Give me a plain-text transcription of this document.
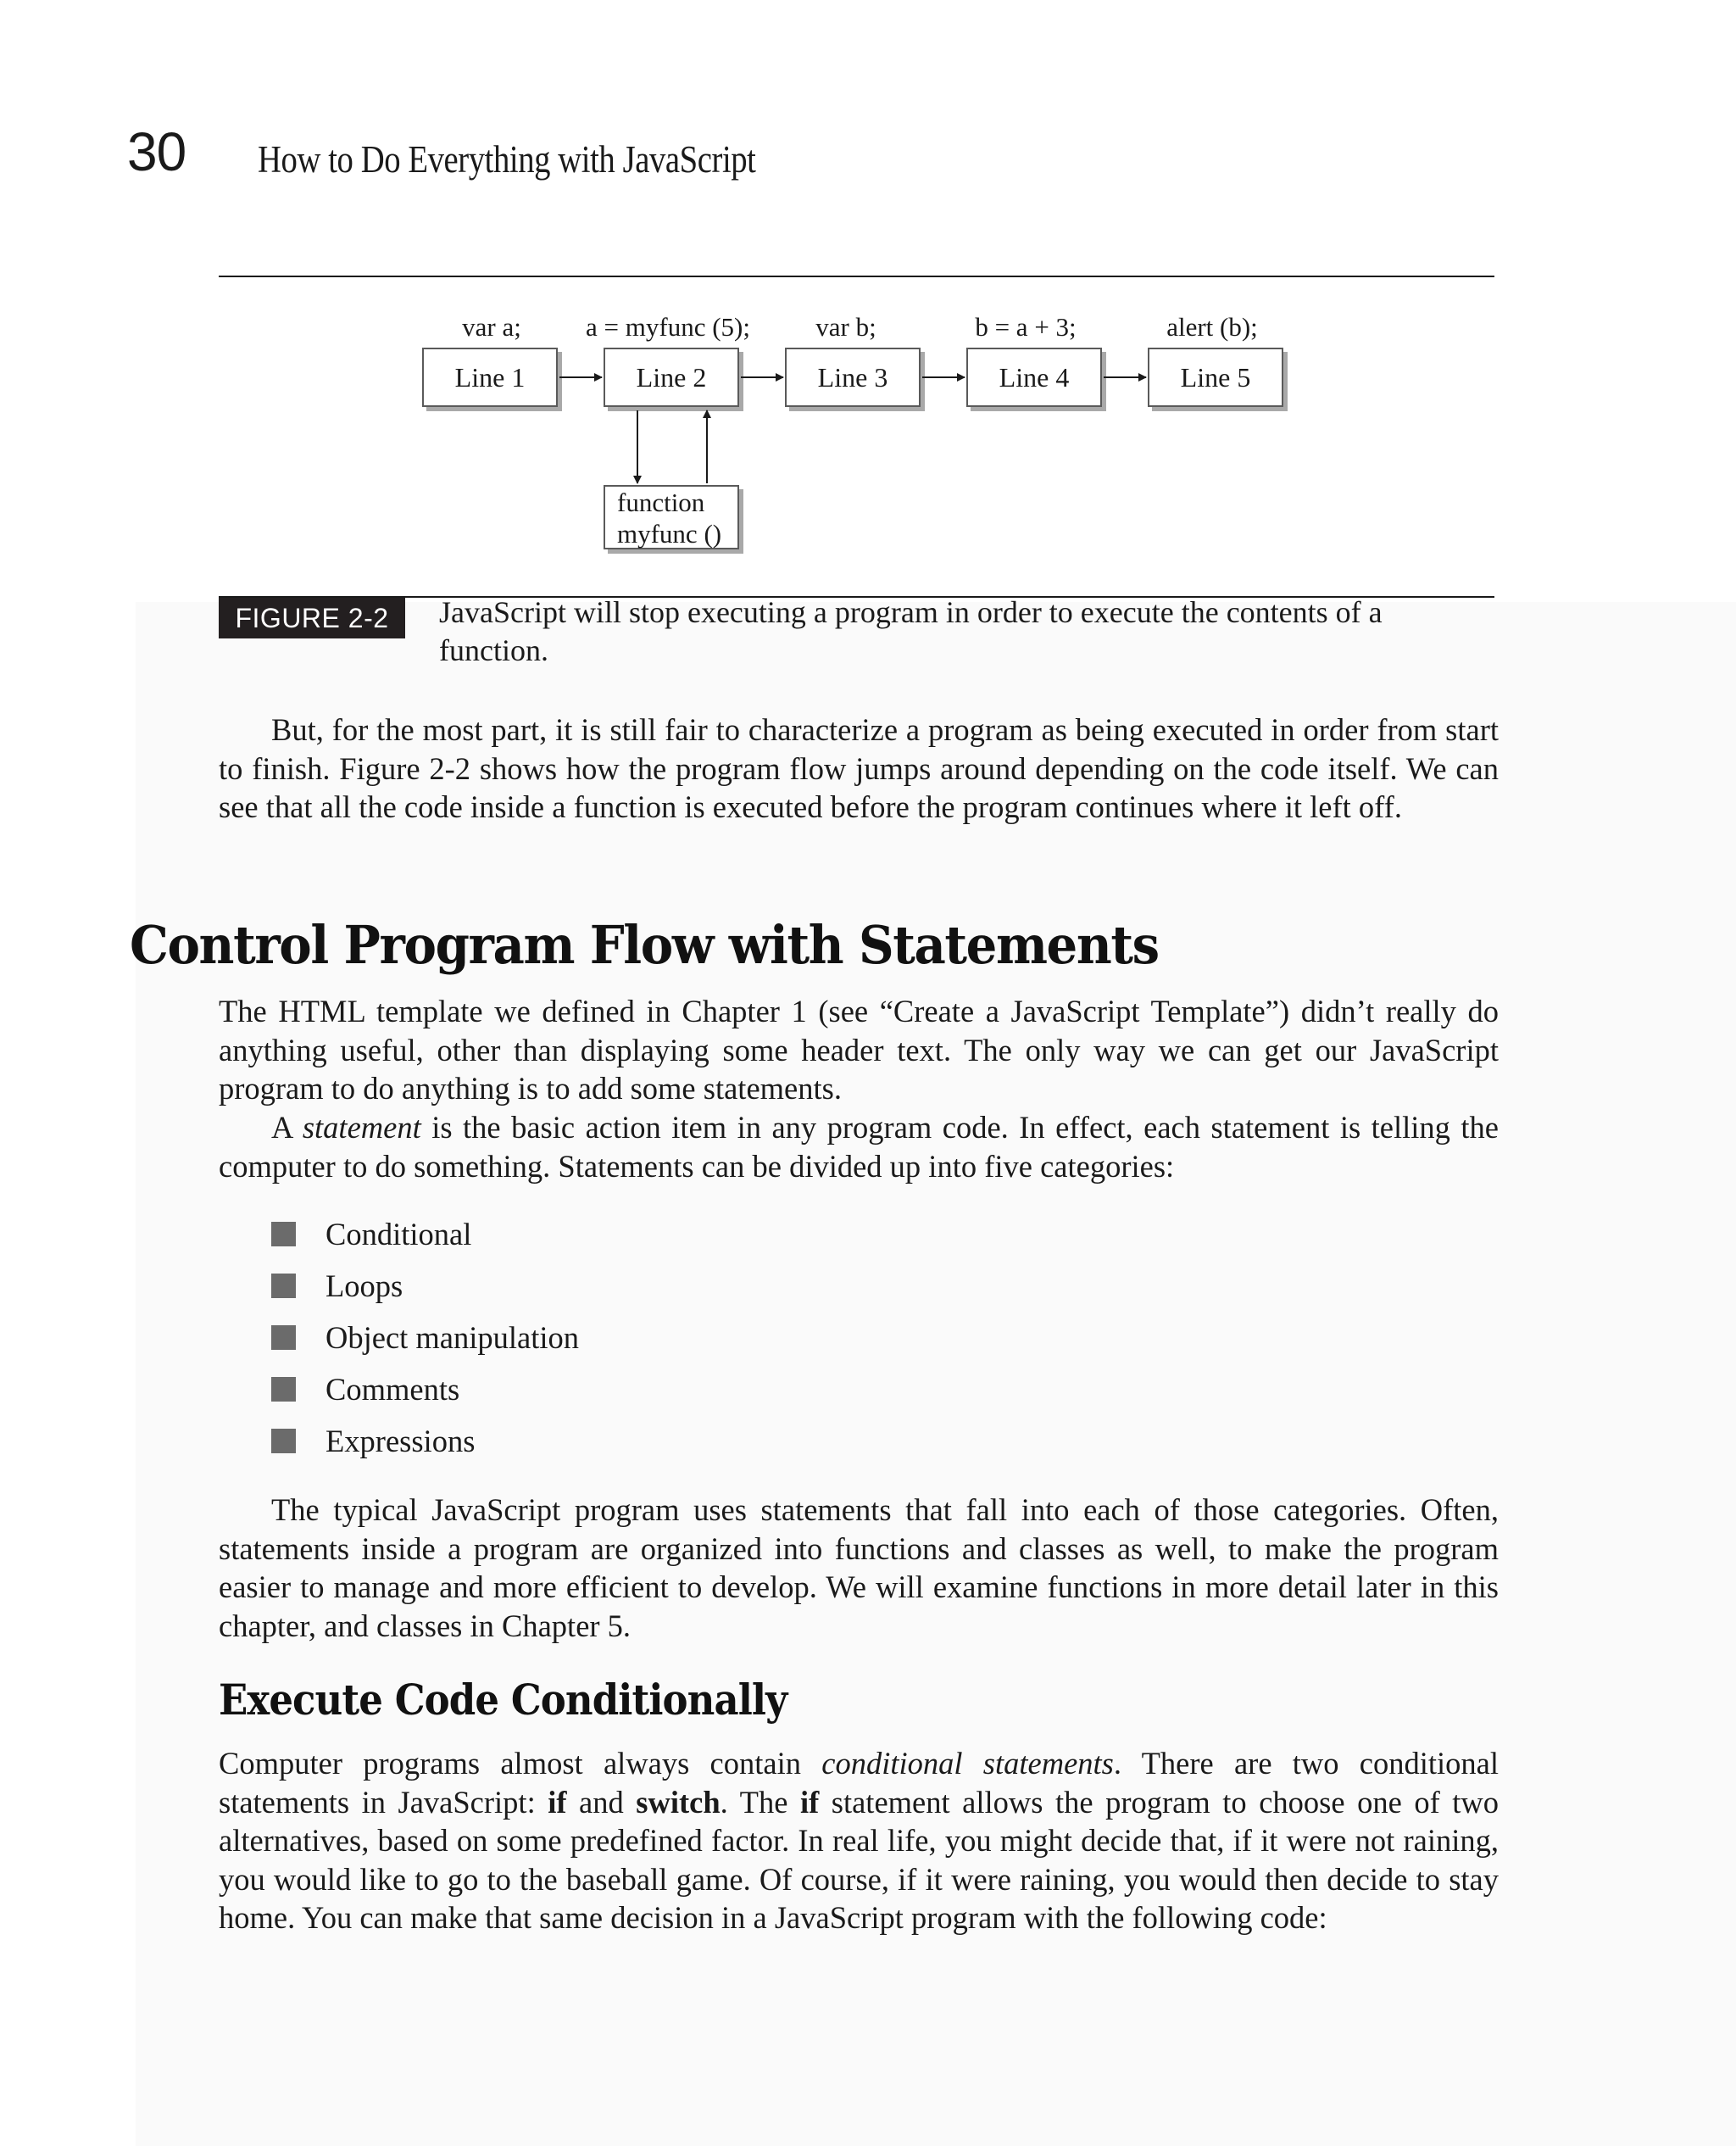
30 How to Do Everything with JavaScript
var a;	a = myfunc (5);	var b;	b = a + 3;	alert (b);
Line 1	Line 2	Line 3	Line 4	Line 5
function
myfunc ()
FIGURE 2-2	JavaScript will stop executing a program in order to execute the contents of a function.

But, for the most part, it is still fair to characterize a program as being executed in order from start to finish. Figure 2-2 shows how the program flow jumps around depending on the code itself. We can see that all the code inside a function is executed before the program continues where it left off.

Control Program Flow with Statements

The HTML template we defined in Chapter 1 (see “Create a JavaScript Template”) didn’t really do anything useful, other than displaying some header text. The only way we can get our JavaScript program to do anything is to add some statements.

A statement is the basic action item in any program code. In effect, each statement is telling the computer to do something. Statements can be divided up into five categories:

Conditional
Loops
Object manipulation
Comments
Expressions

The typical JavaScript program uses statements that fall into each of those categories. Often, statements inside a program are organized into functions and classes as well, to make the program easier to manage and more efficient to develop. We will examine functions in more detail later in this chapter, and classes in Chapter 5.

Execute Code Conditionally

Computer programs almost always contain conditional statements. There are two conditional statements in JavaScript: if and switch. The if statement allows the program to choose one of two alternatives, based on some predefined factor. In real life, you might decide that, if it were not raining, you would like to go to the baseball game. Of course, if it were raining, you would then decide to stay home. You can make that same decision in a JavaScript program with the following code:
